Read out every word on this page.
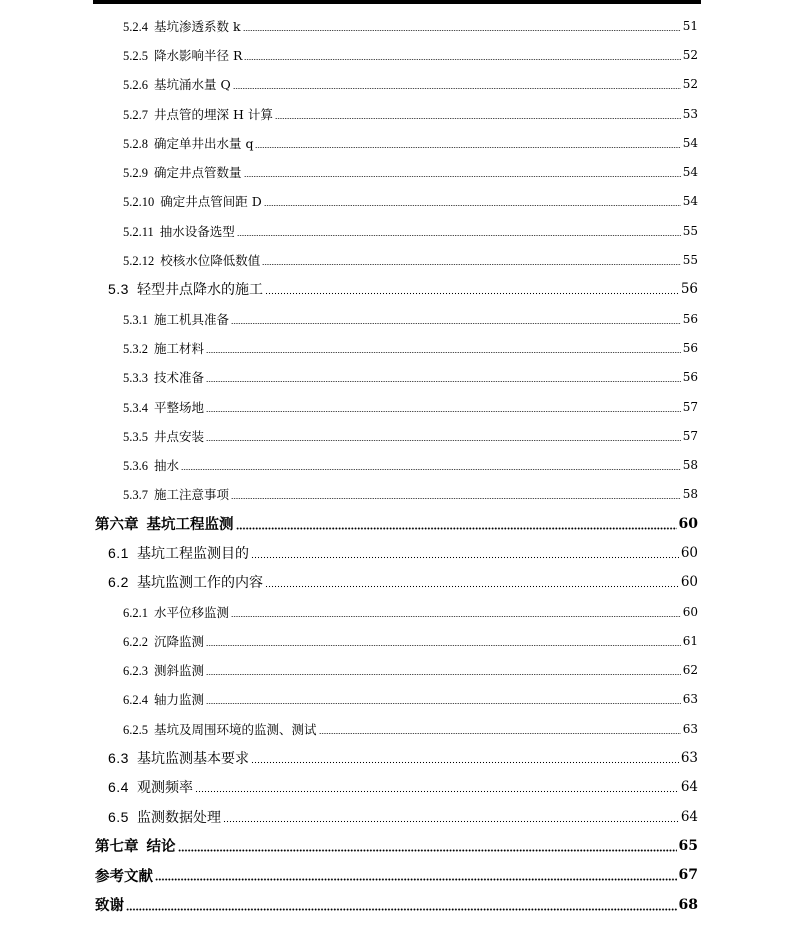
5.2.4 基坑渗透系数 k	51
5.2.5 降水影响半径 R	52
5.2.6 基坑涌水量 Q	52
5.2.7 井点管的埋深 H 计算	53
5.2.8 确定单井出水量 q	54
5.2.9 确定井点管数量	54
5.2.10 确定井点管间距 D	54
5.2.11 抽水设备选型	55
5.2.12 校核水位降低数值	55
5.3 轻型井点降水的施工	56
5.3.1 施工机具准备	56
5.3.2 施工材料	56
5.3.3 技术准备	56
5.3.4 平整场地	57
5.3.5 井点安装	57
5.3.6 抽水	58
5.3.7 施工注意事项	58
第六章 基坑工程监测	60
6.1 基坑工程监测目的	60
6.2 基坑监测工作的内容	60
6.2.1 水平位移监测	60
6.2.2 沉降监测	61
6.2.3 测斜监测	62
6.2.4 轴力监测	63
6.2.5 基坑及周围环境的监测、测试	63
6.3 基坑监测基本要求	63
6.4 观测频率	64
6.5 监测数据处理	64
第七章 结论	65
参考文献	67
致谢	68
